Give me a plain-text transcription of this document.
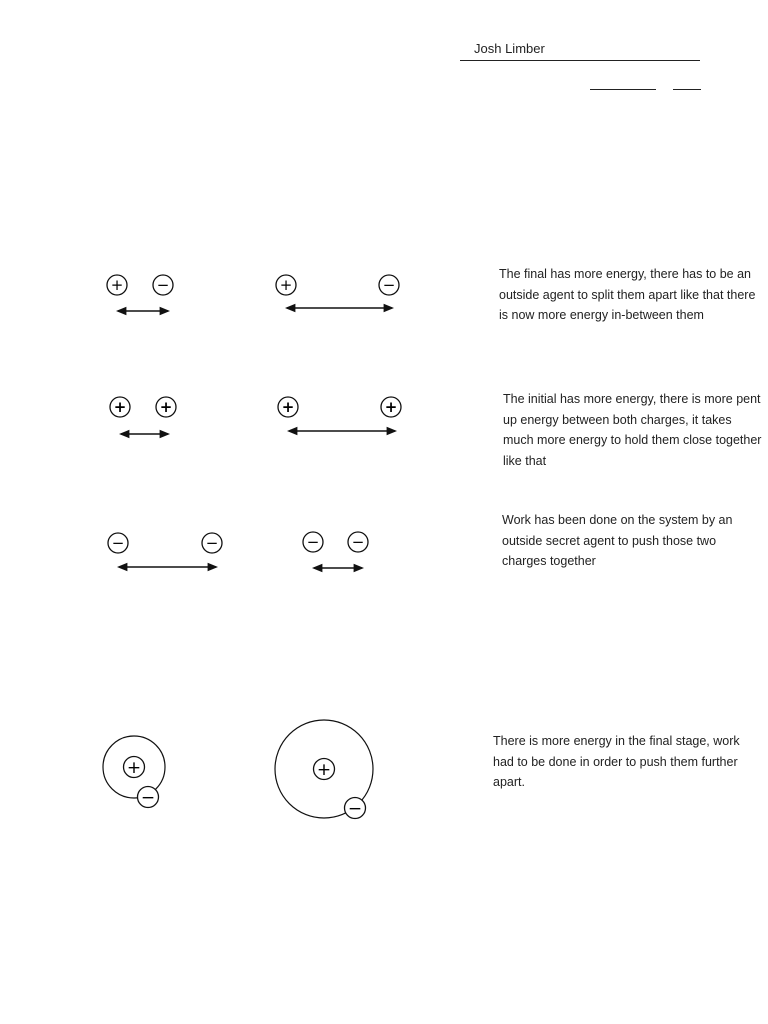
Josh Limber
+ −	+	−
+ +	+	+
−	−	− −
+
−
+
−
The final has more energy, there has to be an outside agent to split them apart like that there is now more energy in-between them
The initial has more energy, there is more pent up energy between both charges, it takes much more energy to hold them close together like that
Work has been done on the system by an outside secret agent to push those two charges together
There is more energy in the final stage, work had to be done in order to push them further apart.
